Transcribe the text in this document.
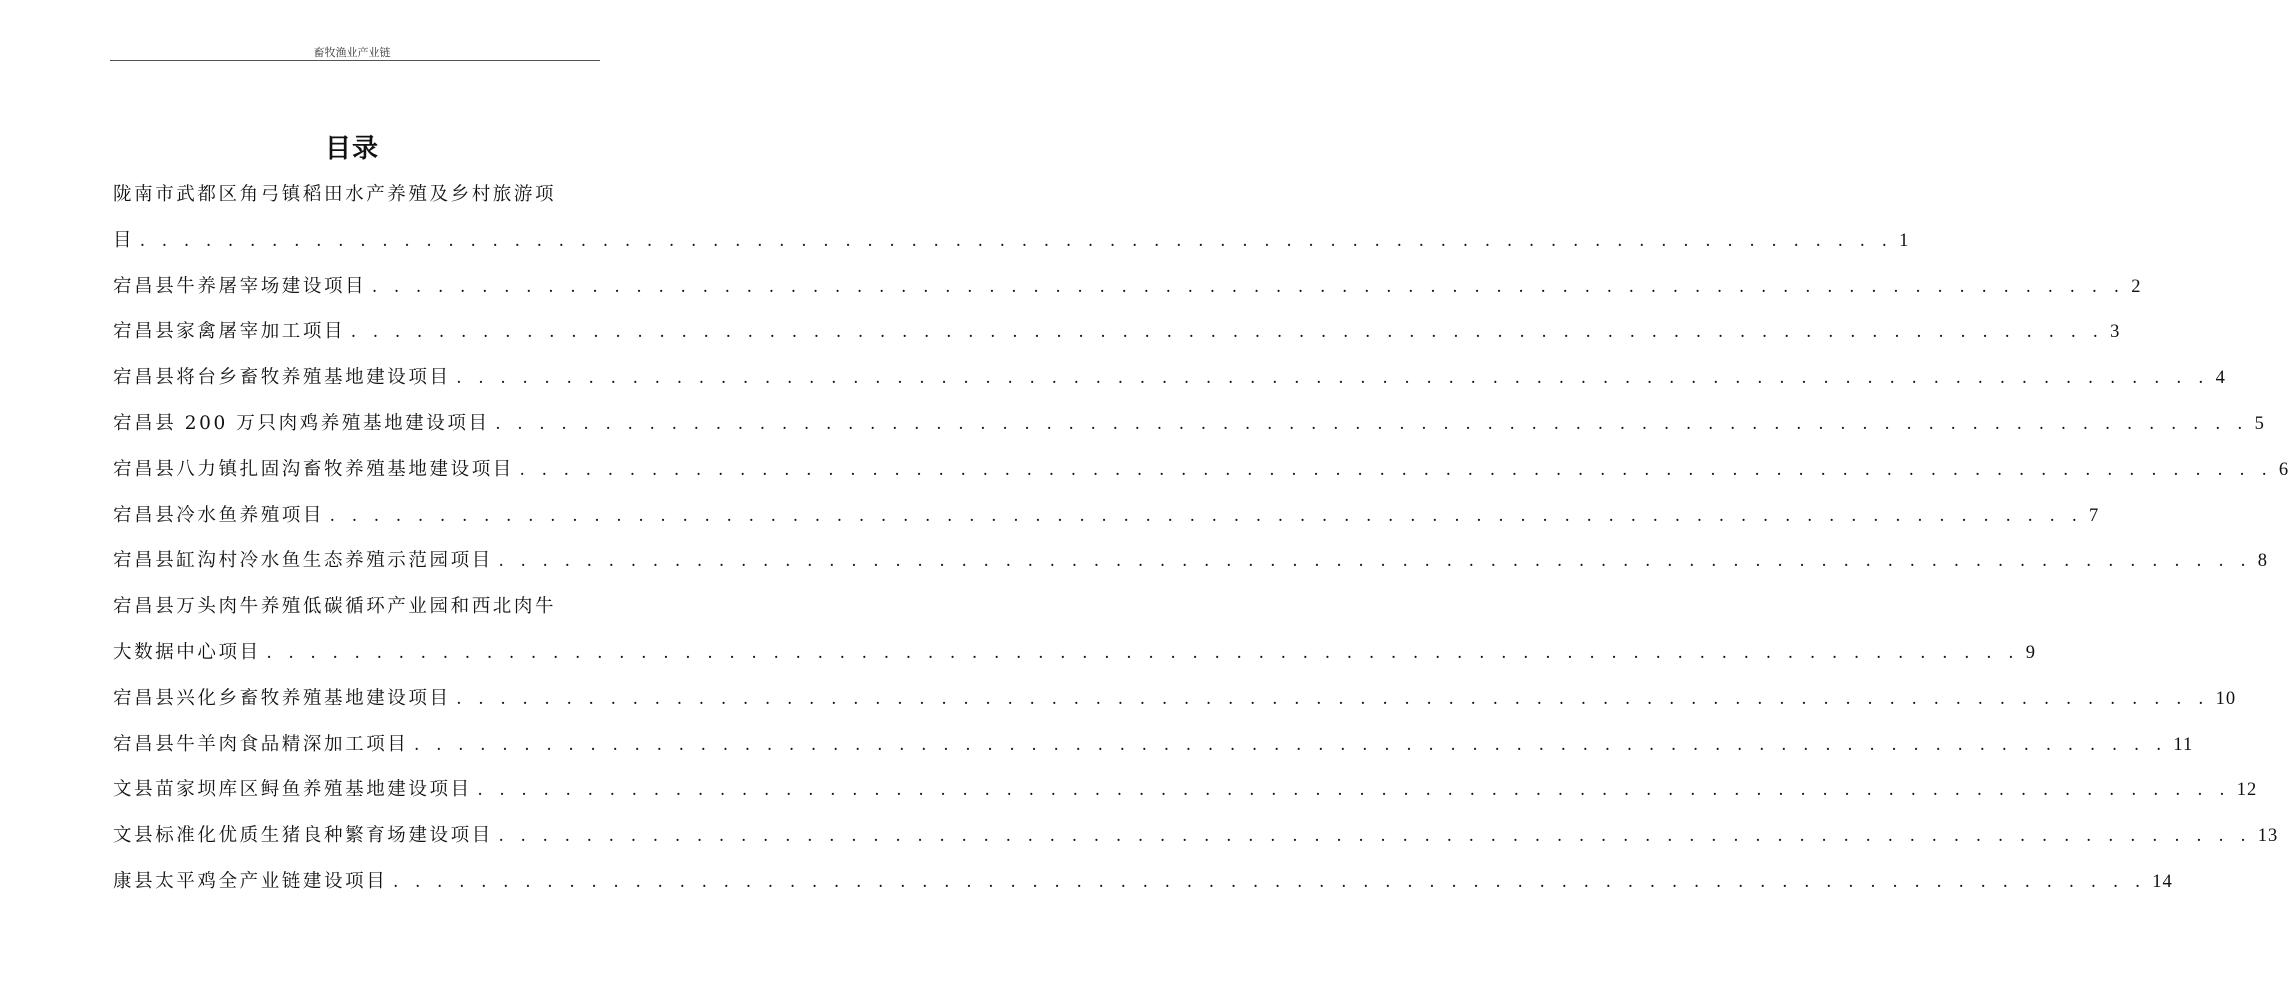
畜牧渔业产业链
目录
陇南市武都区角弓镇稻田水产养殖及乡村旅游项
目 . . . . . . . . . . . . . . . . . . . . . . . . . . . . . . . . . . . . . . . . . . . . . . . . . . . . . . . . . . . . . . . . . . . . . . . . . . . . . . . . 1
宕昌县牛养屠宰场建设项目 . . . . . . . . . . . . . . . . . . . . . . . . . . . . . . . . . . . . . . . . . . . . . . . . . . . . . . . . . . . . . . . . . . . . . . . . . . . . . . . . 2
宕昌县家禽屠宰加工项目 . . . . . . . . . . . . . . . . . . . . . . . . . . . . . . . . . . . . . . . . . . . . . . . . . . . . . . . . . . . . . . . . . . . . . . . . . . . . . . . . 3
宕昌县将台乡畜牧养殖基地建设项目 . . . . . . . . . . . . . . . . . . . . . . . . . . . . . . . . . . . . . . . . . . . . . . . . . . . . . . . . . . . . . . . . . . . . . . . . . . . . . . . . 4
宕昌县 200 万只肉鸡养殖基地建设项目 . . . . . . . . . . . . . . . . . . . . . . . . . . . . . . . . . . . . . . . . . . . . . . . . . . . . . . . . . . . . . . . . . . . . . . . . . . . . . . . . 5
宕昌县八力镇扎固沟畜牧养殖基地建设项目 . . . . . . . . . . . . . . . . . . . . . . . . . . . . . . . . . . . . . . . . . . . . . . . . . . . . . . . . . . . . . . . . . . . . . . . . . . . . . . . . 6
宕昌县冷水鱼养殖项目 . . . . . . . . . . . . . . . . . . . . . . . . . . . . . . . . . . . . . . . . . . . . . . . . . . . . . . . . . . . . . . . . . . . . . . . . . . . . . . . . 7
宕昌县缸沟村冷水鱼生态养殖示范园项目 . . . . . . . . . . . . . . . . . . . . . . . . . . . . . . . . . . . . . . . . . . . . . . . . . . . . . . . . . . . . . . . . . . . . . . . . . . . . . . . . 8
宕昌县万头肉牛养殖低碳循环产业园和西北肉牛
大数据中心项目 . . . . . . . . . . . . . . . . . . . . . . . . . . . . . . . . . . . . . . . . . . . . . . . . . . . . . . . . . . . . . . . . . . . . . . . . . . . . . . . . 9
宕昌县兴化乡畜牧养殖基地建设项目 . . . . . . . . . . . . . . . . . . . . . . . . . . . . . . . . . . . . . . . . . . . . . . . . . . . . . . . . . . . . . . . . . . . . . . . . . . . . . . . . 10
宕昌县牛羊肉食品精深加工项目 . . . . . . . . . . . . . . . . . . . . . . . . . . . . . . . . . . . . . . . . . . . . . . . . . . . . . . . . . . . . . . . . . . . . . . . . . . . . . . . . 11
文县苗家坝库区鲟鱼养殖基地建设项目 . . . . . . . . . . . . . . . . . . . . . . . . . . . . . . . . . . . . . . . . . . . . . . . . . . . . . . . . . . . . . . . . . . . . . . . . . . . . . . . . 12
文县标准化优质生猪良种繁育场建设项目 . . . . . . . . . . . . . . . . . . . . . . . . . . . . . . . . . . . . . . . . . . . . . . . . . . . . . . . . . . . . . . . . . . . . . . . . . . . . . . . . 13
康县太平鸡全产业链建设项目 . . . . . . . . . . . . . . . . . . . . . . . . . . . . . . . . . . . . . . . . . . . . . . . . . . . . . . . . . . . . . . . . . . . . . . . . . . . . . . . . 14
